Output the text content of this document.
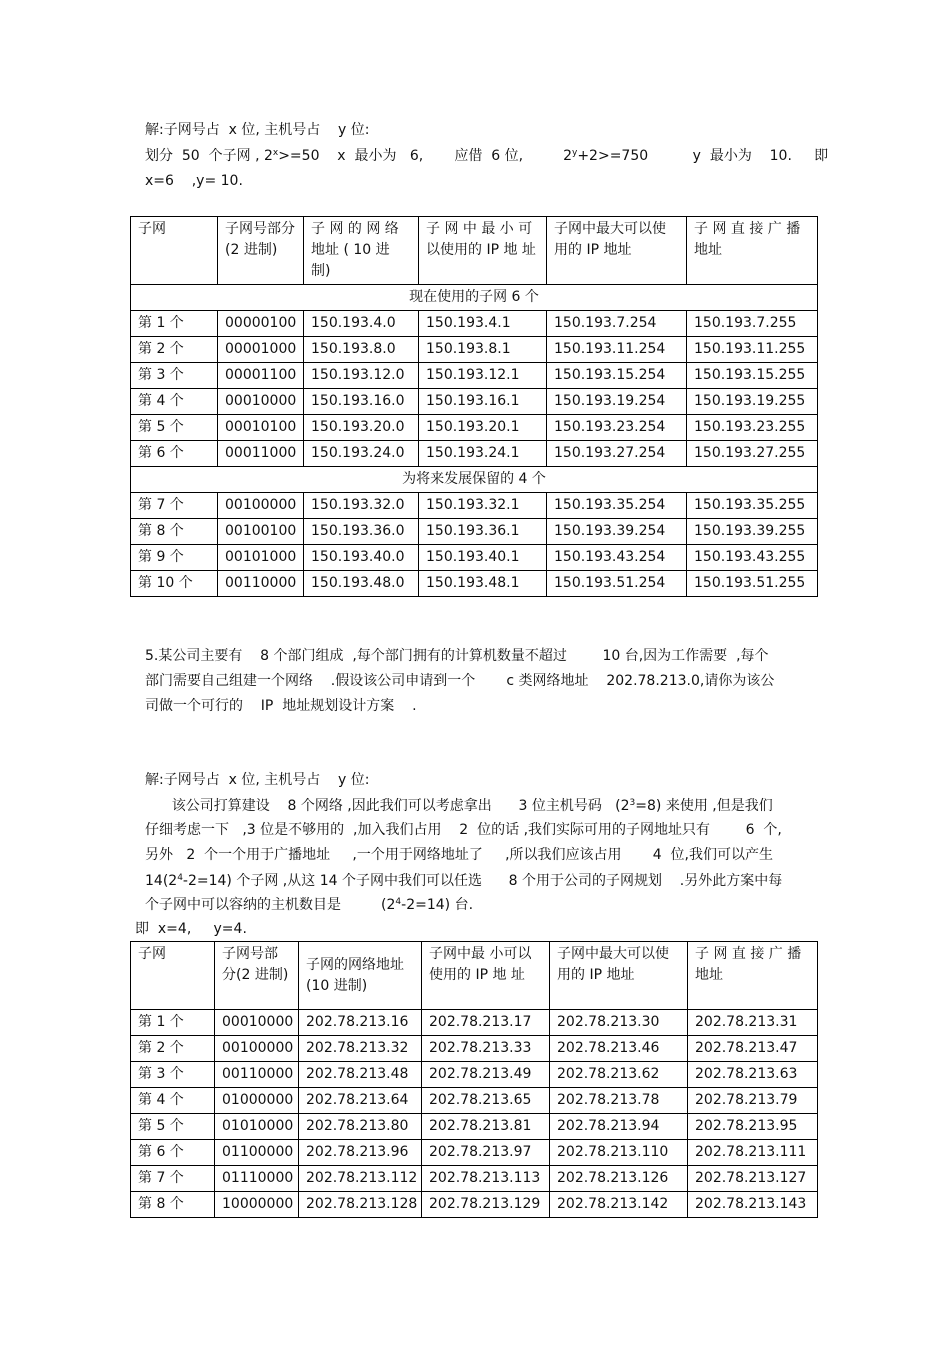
解:子网号占  x 位, 主机号占    y 位:
划分  50  个子网 , $2^x>=50$    x  最小为   6,       应借  6 位,         $2^y+2>=750$          y  最小为    10.     即
x=6    ,y= 10.
子网	子网号部分(2 进制)	子 网 的 网 络 地址 ( 10 进 制)	子 网 中 最 小 可 以使用的 IP 地 址	子网中最大可以使用的 IP 地址	子 网 直 接 广 播 地址
现在使用的子网 6 个					
第 1 个	00000100	150.193.4.0	150.193.4.1	150.193.7.254	150.193.7.255
第 2 个	00001000	150.193.8.0	150.193.8.1	150.193.11.254	150.193.11.255
第 3 个	00001100	150.193.12.0	150.193.12.1	150.193.15.254	150.193.15.255
第 4 个	00010000	150.193.16.0	150.193.16.1	150.193.19.254	150.193.19.255
第 5 个	00010100	150.193.20.0	150.193.20.1	150.193.23.254	150.193.23.255
第 6 个	00011000	150.193.24.0	150.193.24.1	150.193.27.254	150.193.27.255
为将来发展保留的 4 个					
第 7 个	00100000	150.193.32.0	150.193.32.1	150.193.35.254	150.193.35.255
第 8 个	00100100	150.193.36.0	150.193.36.1	150.193.39.254	150.193.39.255
第 9 个	00101000	150.193.40.0	150.193.40.1	150.193.43.254	150.193.43.255
第 10 个	00110000	150.193.48.0	150.193.48.1	150.193.51.254	150.193.51.255
5.某公司主要有    8 个部门组成  ,每个部门拥有的计算机数量不超过        10 台,因为工作需要  ,每个
部门需要自己组建一个网络    .假设该公司申请到一个       c 类网络地址    202.78.213.0,请你为该公
司做一个可行的    IP  地址规划设计方案    .
解:子网号占  x 位, 主机号占    y 位:
该公司打算建设    8 个网络 ,因此我们可以考虑拿出      3 位主机号码   $(2^3=8)$ 来使用 ,但是我们
仔细考虑一下   ,3 位是不够用的  ,加入我们占用    2  位的话 ,我们实际可用的子网地址只有        6  个,
另外   2  个一个用于广播地址     ,一个用于网络地址了     ,所以我们应该占用       4  位,我们可以产生
$14(2^4-2=14)$ 个子网 ,从这 14 个子网中我们可以任选      8 个用于公司的子网规划    .另外此方案中每
个子网中可以容纳的主机数目是         $(2^4-2=14)$ 台.
即  x=4,     y=4.
子网	子网号部分(2 进制)	子网的网络地址(10 进制)	子网中最 小可以使用的 IP 地 址	子网中最大可以使用的 IP 地址	子 网 直 接 广 播 地址
第 1 个	00010000	202.78.213.16	202.78.213.17	202.78.213.30	202.78.213.31
第 2 个	00100000	202.78.213.32	202.78.213.33	202.78.213.46	202.78.213.47
第 3 个	00110000	202.78.213.48	202.78.213.49	202.78.213.62	202.78.213.63
第 4 个	01000000	202.78.213.64	202.78.213.65	202.78.213.78	202.78.213.79
第 5 个	01010000	202.78.213.80	202.78.213.81	202.78.213.94	202.78.213.95
第 6 个	01100000	202.78.213.96	202.78.213.97	202.78.213.110	202.78.213.111
第 7 个	01110000	202.78.213.112	202.78.213.113	202.78.213.126	202.78.213.127
第 8 个	10000000	202.78.213.128	202.78.213.129	202.78.213.142	202.78.213.143
